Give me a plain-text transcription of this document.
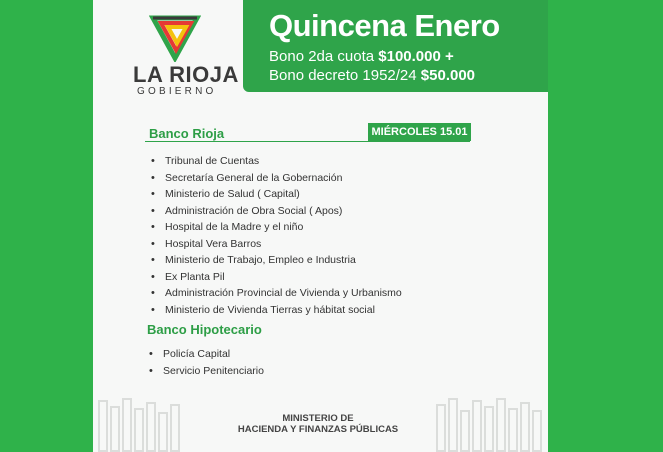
LA RIOJA
GOBIERNO
Quincena Enero
Bono 2da cuota $100.000 +
Bono decreto 1952/24 $50.000
Banco Rioja	MIÉRCOLES 15.01
• Tribunal de Cuentas
• Secretaría General de la Gobernación
• Ministerio de Salud ( Capital)
• Administración de Obra Social ( Apos)
• Hospital de la Madre y el niño
• Hospital Vera Barros
• Ministerio de Trabajo, Empleo e Industria
• Ex Planta Pil
• Administración Provincial de Vivienda y Urbanismo
• Ministerio de Vivienda Tierras y hábitat social
Banco Hipotecario
• Policía Capital
• Servicio Penitenciario
MINISTERIO DE
HACIENDA Y FINANZAS PÚBLICAS
